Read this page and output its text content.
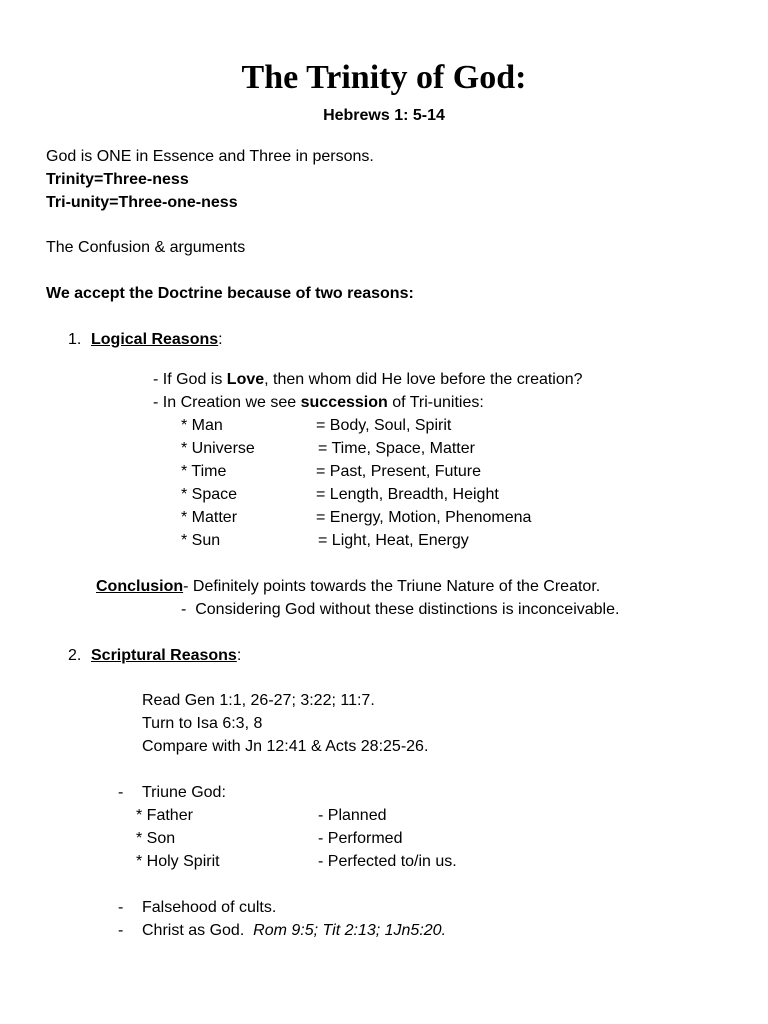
The Trinity of God:
Hebrews 1: 5-14
God is ONE in Essence and Three in persons.
Trinity=Three-ness
Tri-unity=Three-one-ness
The Confusion & arguments
We accept the Doctrine because of two reasons:
1. Logical Reasons:
- If God is Love, then whom did He love before the creation?
- In Creation we see succession of Tri-unities:
* Man	= Body, Soul, Spirit
* Universe	= Time, Space, Matter
* Time	= Past, Present, Future
* Space	= Length, Breadth, Height
* Matter	= Energy, Motion, Phenomena
* Sun	= Light, Heat, Energy
Conclusion- Definitely points towards the Triune Nature of the Creator.
-  Considering God without these distinctions is inconceivable.
2. Scriptural Reasons:
Read Gen 1:1, 26-27; 3:22; 11:7.
Turn to Isa 6:3, 8
Compare with Jn 12:41 & Acts 28:25-26.
- Triune God:
* Father	- Planned
* Son	- Performed
* Holy Spirit	- Perfected to/in us.
- Falsehood of cults.
- Christ as God.  Rom 9:5; Tit 2:13; 1Jn5:20.
